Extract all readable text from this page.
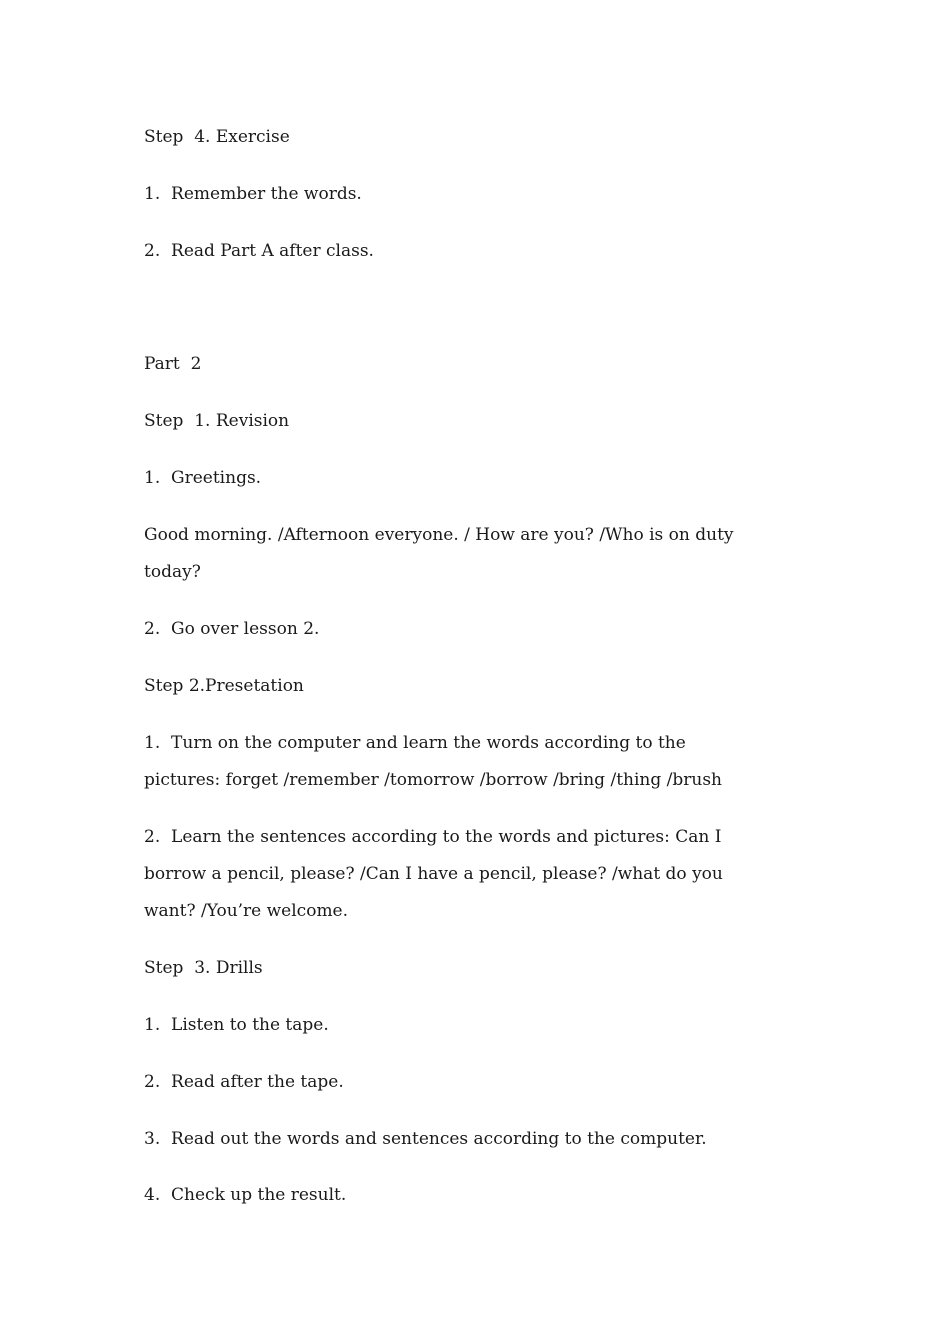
Step  4. Exercise
1.  Remember the words.
2.  Read Part A after class.
Part  2
Step  1. Revision
1.  Greetings.
Good morning. /Afternoon everyone. / How are you? /Who is on duty
today?
2.  Go over lesson 2.
Step 2.Presetation
1.  Turn on the computer and learn the words according to the
pictures: forget /remember /tomorrow /borrow /bring /thing /brush
2.  Learn the sentences according to the words and pictures: Can I
borrow a pencil, please? /Can I have a pencil, please? /what do you
want? /You’re welcome.
Step  3. Drills
1.  Listen to the tape.
2.  Read after the tape.
3.  Read out the words and sentences according to the computer.
4.  Check up the result.
